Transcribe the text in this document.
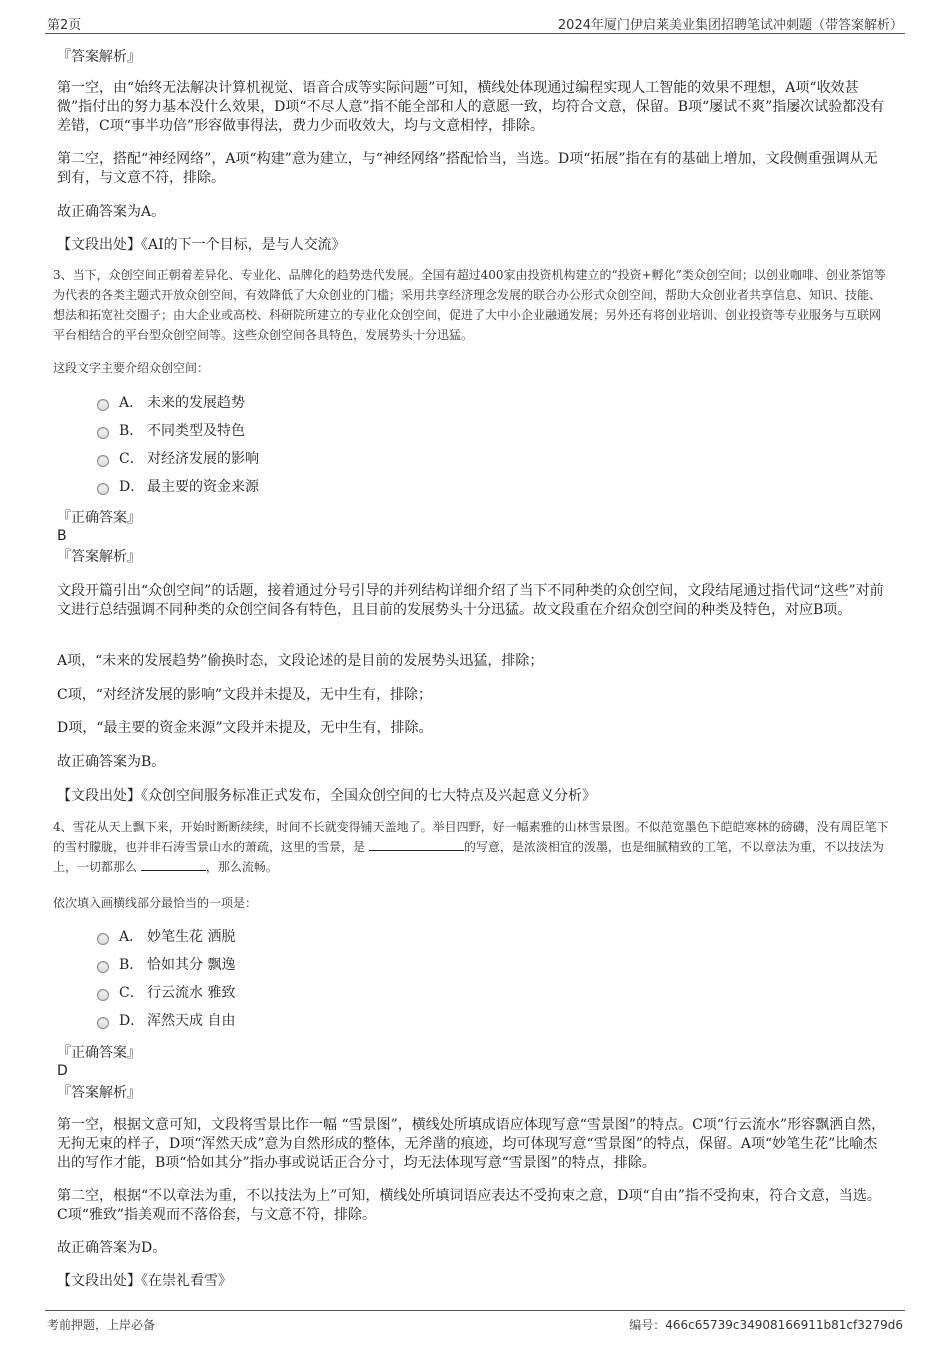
第2页	2024年厦门伊启莱美业集团招聘笔试冲刺题（带答案解析）
『答案解析』

第一空，由“始终无法解决计算机视觉、语音合成等实际问题”可知，横线处体现通过编程实现人工智能的效果不理想，A项“收效甚微”指付出的努力基本没什么效果，D项“不尽人意”指不能全部和人的意愿一致，均符合文意，保留。B项“屡试不爽”指屡次试验都没有差错，C项“事半功倍”形容做事得法，费力少而收效大，均与文意相悖，排除。

第二空，搭配“神经网络”，A项“构建”意为建立，与“神经网络”搭配恰当，当选。D项“拓展”指在有的基础上增加，文段侧重强调从无到有，与文意不符，排除。

故正确答案为A。

【文段出处】《AI的下一个目标，是与人交流》

3、当下，众创空间正朝着差异化、专业化、品牌化的趋势迭代发展。全国有超过400家由投资机构建立的“投资+孵化”类众创空间；以创业咖啡、创业茶馆等为代表的各类主题式开放众创空间，有效降低了大众创业的门槛；采用共享经济理念发展的联合办公形式众创空间，帮助大众创业者共享信息、知识、技能、想法和拓宽社交圈子；由大企业或高校、科研院所建立的专业化众创空间，促进了大中小企业融通发展；另外还有将创业培训、创业投资等专业服务与互联网平台相结合的平台型众创空间等。这些众创空间各具特色，发展势头十分迅猛。

这段文字主要介绍众创空间：

A． 未来的发展趋势
B． 不同类型及特色
C． 对经济发展的影响
D． 最主要的资金来源
『正确答案』
B
『答案解析』

文段开篇引出“众创空间”的话题，接着通过分号引导的并列结构详细介绍了当下不同种类的众创空间，文段结尾通过指代词“这些”对前文进行总结强调不同种类的众创空间各有特色，且目前的发展势头十分迅猛。故文段重在介绍众创空间的种类及特色，对应B项。

A项，“未来的发展趋势”偷换时态，文段论述的是目前的发展势头迅猛，排除；

C项，“对经济发展的影响”文段并未提及，无中生有，排除；

D项，“最主要的资金来源”文段并未提及，无中生有，排除。

故正确答案为B。

【文段出处】《众创空间服务标准正式发布，全国众创空间的七大特点及兴起意义分析》

4、雪花从天上飘下来，开始时断断续续，时间不长就变得铺天盖地了。举目四野，好一幅素雅的山林雪景图。不似范宽墨色下皑皑寒林的磅礴，没有周臣笔下的雪村朦胧，也并非石涛雪景山水的萧疏，这里的雪景，是	的写意，是浓淡相宜的泼墨，也是细腻精致的工笔，不以章法为重，不以技法为上，一切都那么	，那么流畅。

依次填入画横线部分最恰当的一项是：

A． 妙笔生花 洒脱
B． 恰如其分 飘逸
C． 行云流水 雅致
D． 浑然天成 自由
『正确答案』
D
『答案解析』

第一空，根据文意可知，文段将雪景比作一幅 “雪景图”，横线处所填成语应体现写意“雪景图”的特点。C项“行云流水”形容飘洒自然，无拘无束的样子，D项“浑然天成”意为自然形成的整体，无斧凿的痕迹，均可体现写意“雪景图”的特点，保留。A项“妙笔生花”比喻杰出的写作才能，B项“恰如其分”指办事或说话正合分寸，均无法体现写意“雪景图”的特点，排除。

第二空，根据“不以章法为重，不以技法为上”可知，横线处所填词语应表达不受拘束之意，D项“自由”指不受拘束，符合文意，当选。C项“雅致”指美观而不落俗套，与文意不符，排除。

故正确答案为D。

【文段出处】《在崇礼看雪》

考前押题，上岸必备	编号：466c65739c34908166911b81cf3279d6
